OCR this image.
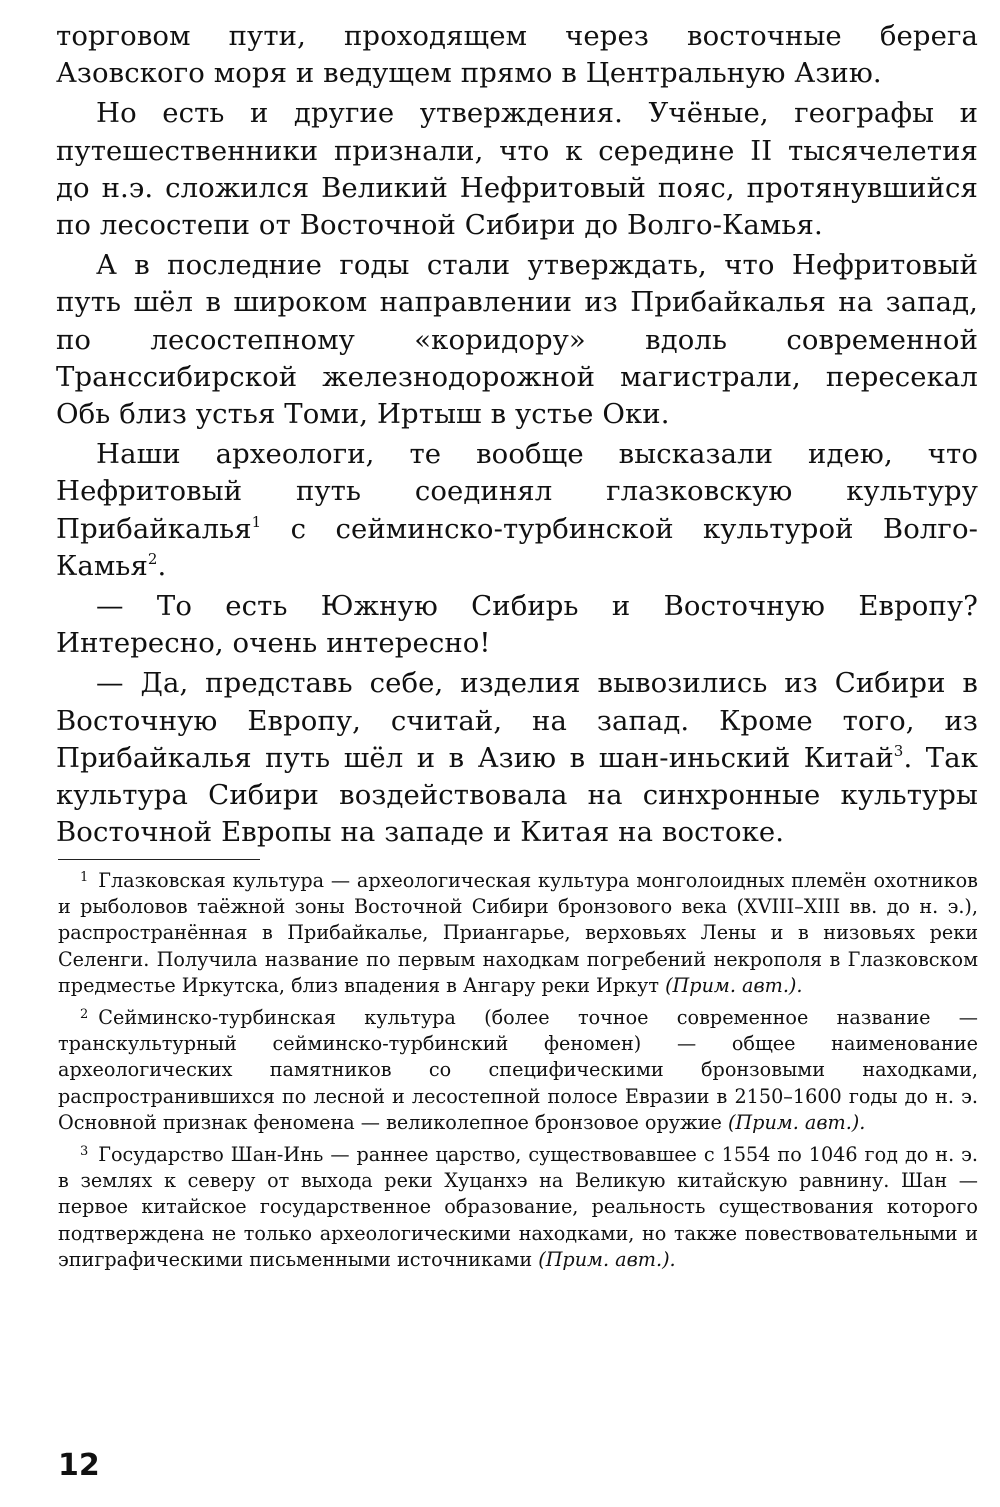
торговом пути, проходящем через восточные берега Азовского моря и ведущем прямо в Центральную Азию.

Но есть и другие утверждения. Учёные, географы и путешественники признали, что к середине II тысячелетия до н.э. сложился Великий Нефритовый пояс, протянувшийся по лесостепи от Восточной Сибири до Волго-Камья.

А в последние годы стали утверждать, что Нефритовый путь шёл в широком направлении из Прибайкалья на запад, по лесостепному «коридору» вдоль современной Транссибирской железнодорожной магистрали, пересекал Обь близ устья Томи, Иртыш в устье Оки.

Наши археологи, те вообще высказали идею, что Нефритовый путь соединял глазковскую культуру Прибайкалья$^1$ с сейминско-турбинской культурой Волго-Камья$^2$.

— То есть Южную Сибирь и Восточную Европу? Интересно, очень интересно!

— Да, представь себе, изделия вывозились из Сибири в Восточную Европу, считай, на запад. Кроме того, из Прибайкалья путь шёл и в Азию в шан-иньский Китай$^3$. Так культура Сибири воздействовала на синхронные культуры Восточной Европы на западе и Китая на востоке.

$^1$ Глазковская культура — археологическая культура монголоидных племён охотников и рыболовов таёжной зоны Восточной Сибири бронзового века (XVIII–XIII вв. до н. э.), распространённая в Прибайкалье, Приангарье, верховьях Лены и в низовьях реки Селенги. Получила название по первым находкам погребений некрополя в Глазковском предместье Иркутска, близ впадения в Ангару реки Иркут (Прим. авт.).

$^2$ Сейминско-турбинская культура (более точное современное название — транскультурный сейминско-турбинский феномен) — общее наименование археологических памятников со специфическими бронзовыми находками, распространившихся по лесной и лесостепной полосе Евразии в 2150–1600 годы до н. э. Основной признак феномена — великолепное бронзовое оружие (Прим. авт.).

$^3$ Государство Шан-Инь — раннее царство, существовавшее с 1554 по 1046 год до н. э. в землях к северу от выхода реки Хуцанхэ на Великую китайскую равнину. Шан — первое китайское государственное образование, реальность существования которого подтверждена не только археологическими находками, но также повествовательными и эпиграфическими письменными источниками (Прим. авт.).

12
